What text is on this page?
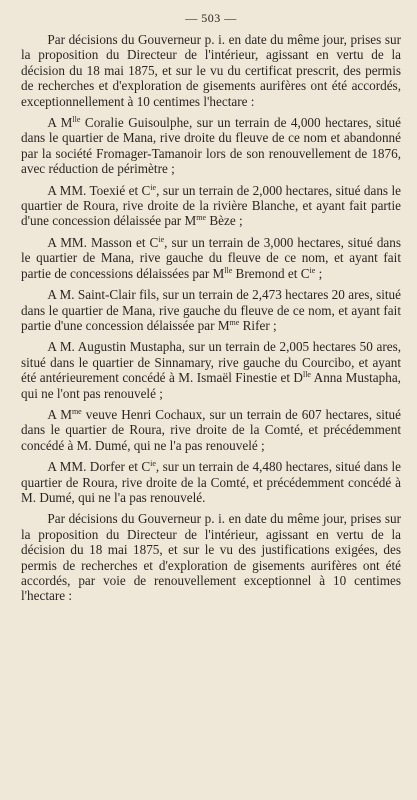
— 503 —

Par décisions du Gouverneur p. i. en date du même jour, prises sur la proposition du Directeur de l'intérieur, agissant en vertu de la décision du 18 mai 1875, et sur le vu du certificat prescrit, des permis de recherches et d'exploration de gisements aurifères ont été accordés, exceptionnellement à 10 centimes l'hectare :

A $M^{lle}$ Coralie Guisoulphe, sur un terrain de 4,000 hectares, situé dans le quartier de Mana, rive droite du fleuve de ce nom et abandonné par la société Fromager-Tamanoir lors de son renouvellement de 1876, avec réduction de périmètre ;

A MM. Toexié et $C^{ie}$, sur un terrain de 2,000 hectares, situé dans le quartier de Roura, rive droite de la rivière Blanche, et ayant fait partie d'une concession délaissée par $M^{me}$ Bèze ;

A MM. Masson et $C^{ie}$, sur un terrain de 3,000 hectares, situé dans le quartier de Mana, rive gauche du fleuve de ce nom, et ayant fait partie de concessions délaissées par $M^{lle}$ Bremond et $C^{ie}$ ;

A M. Saint-Clair fils, sur un terrain de 2,473 hectares 20 ares, situé dans le quartier de Mana, rive gauche du fleuve de ce nom, et ayant fait partie d'une concession délaissée par $M^{me}$ Rifer ;

A M. Augustin Mustapha, sur un terrain de 2,005 hectares 50 ares, situé dans le quartier de Sinnamary, rive gauche du Courcibo, et ayant été antérieurement concédé à M. Ismaël Finestie et $D^{lle}$ Anna Mustapha, qui ne l'ont pas renouvelé ;

A $M^{me}$ veuve Henri Cochaux, sur un terrain de 607 hectares, situé dans le quartier de Roura, rive droite de la Comté, et précédemment concédé à M. Dumé, qui ne l'a pas renouvelé ;

A MM. Dorfer et $C^{ie}$, sur un terrain de 4,480 hectares, situé dans le quartier de Roura, rive droite de la Comté, et précédemment concédé à M. Dumé, qui ne l'a pas renouvelé.

Par décisions du Gouverneur p. i. en date du même jour, prises sur la proposition du Directeur de l'intérieur, agissant en vertu de la décision du 18 mai 1875, et sur le vu des justifications exigées, des permis de recherches et d'exploration de gisements aurifères ont été accordés, par voie de renouvellement exceptionnel à 10 centimes l'hectare :
